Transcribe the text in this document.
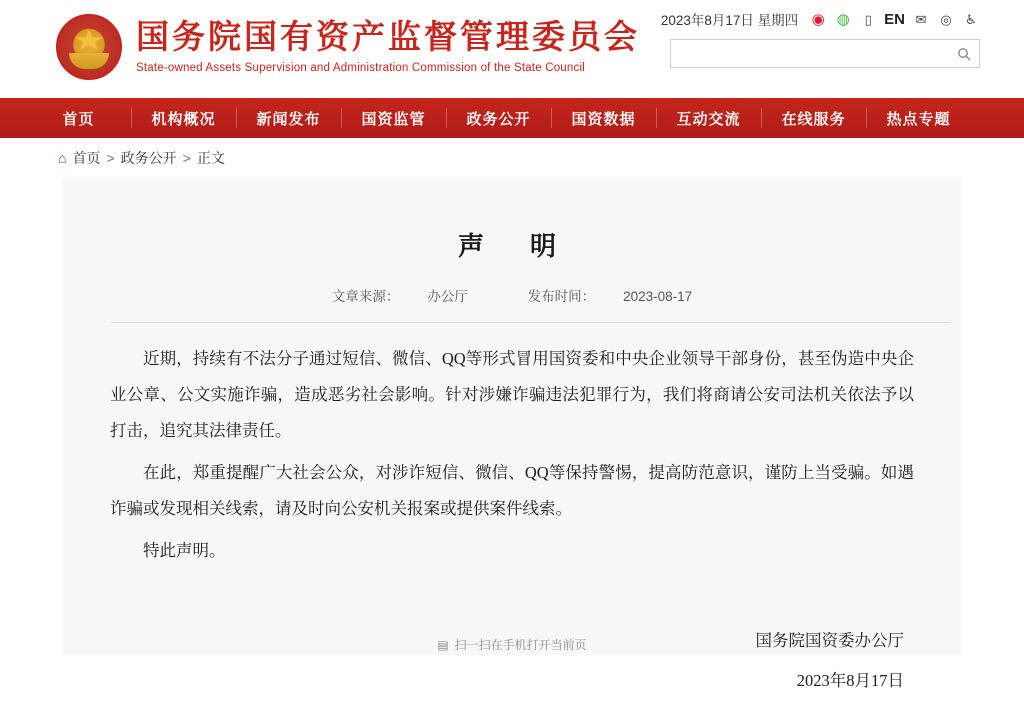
国务院国有资产监督管理委员会
State-owned Assets Supervision and Administration Commission of the State Council
2023年8月17日 星期四 ◉ ◍	▯ EN ✉ ◎ ♿
首页	机构概况	新闻发布	国资监管	政务公开	国资数据	互动交流	在线服务	热点专题
⌂ 首页 > 政务公开 > 正文
声　明
文章来源： 办公厅	发布时间： 2023-08-17

近期，持续有不法分子通过短信、微信、QQ等形式冒用国资委和中央企业领导干部身份，甚至伪造中央企业公章、公文实施诈骗，造成恶劣社会影响。针对涉嫌诈骗违法犯罪行为，我们将商请公安司法机关依法予以打击，追究其法律责任。

在此，郑重提醒广大社会公众，对涉诈短信、微信、QQ等保持警惕，提高防范意识，谨防上当受骗。如遇诈骗或发现相关线索，请及时向公安机关报案或提供案件线索。

特此声明。

国务院国资委办公厅
2023年8月17日
▤ 扫一扫在手机打开当前页
